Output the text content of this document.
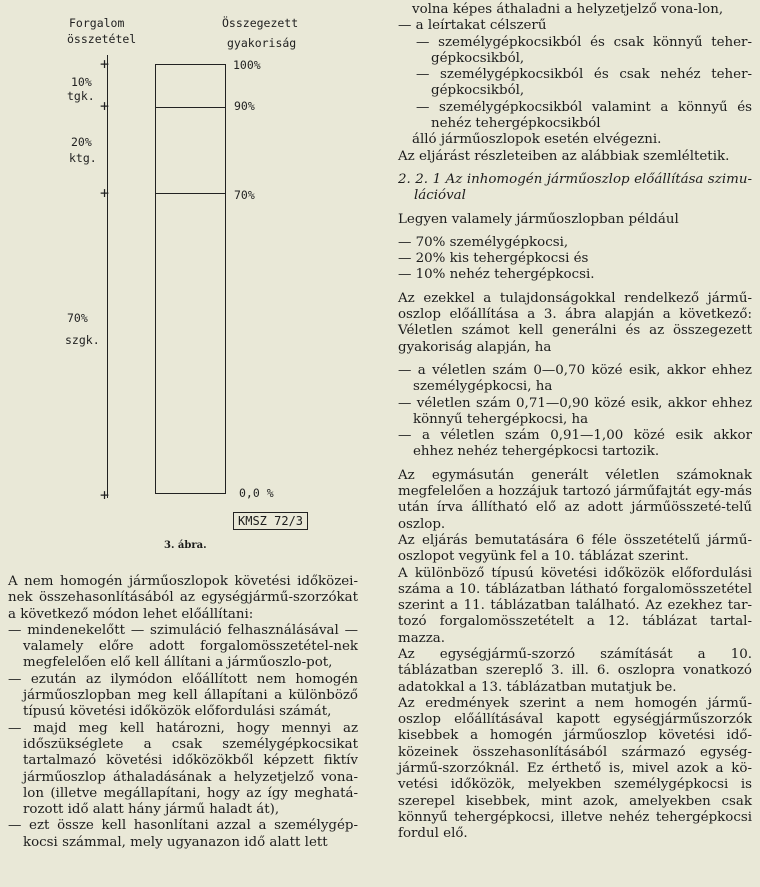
Forgalom
összetétel
Összegezett
gyakoriság
+
+
+
+
10%
tgk.
20%
ktg.
70%
szgk.
100%
90%
70%
0,0 %
KMSZ 72/3
3. ábra.

A nem homogén járműoszlopok követési időközei-nek összehasonlításából az egységjármű-szorzókat a következő módon lehet előállítani:

— mindenekelőtt — szimuláció felhasználásával — valamely előre adott forgalomösszetétel-nek megfelelően elő kell állítani a járműoszlo-pot,

— ezután az ilymódon előállított nem homogén járműoszlopban meg kell állapítani a különböző típusú követési időközök előfordulási számát,

— majd meg kell határozni, hogy mennyi az időszükséglete a csak személygépkocsikat tartalmazó követési időközökből képzett fiktív járműoszlop áthaladásának a helyzetjelző vona-lon (illetve megállapítani, hogy az így meghatá-rozott idő alatt hány jármű haladt át),

— ezt össze kell hasonlítani azzal a személygép-kocsi számmal, mely ugyanazon idő alatt lett

volna képes áthaladni a helyzetjelző vona-lon,

— a leírtakat célszerű

— személygépkocsikból és csak könnyű teher-gépkocsikból,

— személygépkocsikból és csak nehéz teher-gépkocsikból,

— személygépkocsikból valamint a könnyű és nehéz tehergépkocsikból

álló járműoszlopok esetén elvégezni.

Az eljárást részleteiben az alábbiak szemléltetik.

2. 2. 1 Az inhomogén járműoszlop előállítása szimu-lációval

Legyen valamely járműoszlopban például

— 70% személygépkocsi,

— 20% kis tehergépkocsi és

— 10% nehéz tehergépkocsi.

Az ezekkel a tulajdonságokkal rendelkező jármű-oszlop előállítása a 3. ábra alapján a következő: Véletlen számot kell generálni és az összegezett gyakoriság alapján, ha

— a véletlen szám 0—0,70 közé esik, akkor ehhez személygépkocsi, ha

— véletlen szám 0,71—0,90 közé esik, akkor ehhez könnyű tehergépkocsi, ha

— a véletlen szám 0,91—1,00 közé esik akkor ehhez nehéz tehergépkocsi tartozik.

Az egymásután generált véletlen számoknak megfelelően a hozzájuk tartozó járműfajtát egy-más után írva állítható elő az adott járműösszeté-telű oszlop.

Az eljárás bemutatására 6 féle összetételű jármű-oszlopot vegyünk fel a 10. táblázat szerint.

A különböző típusú követési időközök előfordulási száma a 10. táblázatban látható forgalomösszetétel szerint a 11. táblázatban található. Az ezekhez tar-tozó forgalomösszetételt a 12. táblázat tartal-mazza.

Az egységjármű-szorzó számítását a 10. táblázatban szereplő 3. ill. 6. oszlopra vonatkozó adatokkal a 13. táblázatban mutatjuk be.

Az eredmények szerint a nem homogén jármű-oszlop előállításával kapott egységjárműszorzók kisebbek a homogén járműoszlop követési idő-közeinek összehasonlításából származó egység-jármű-szorzóknál. Ez érthető is, mivel azok a kö-vetési időközök, melyekben személygépkocsi is szerepel kisebbek, mint azok, amelyekben csak könnyű tehergépkocsi, illetve nehéz tehergépkocsi fordul elő.
